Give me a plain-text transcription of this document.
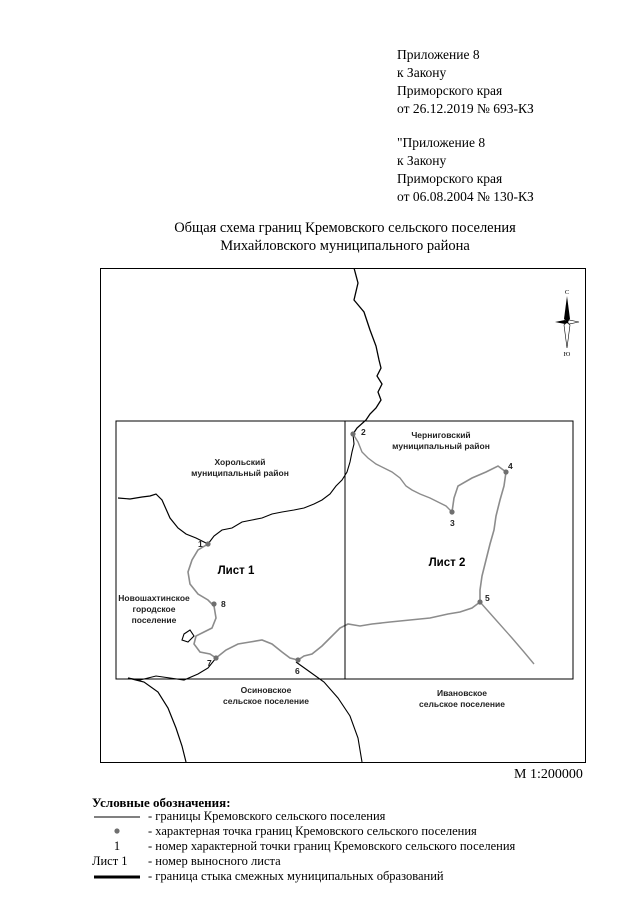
Приложение 8
к Закону
Приморского края
от 26.12.2019 № 693-КЗ
"Приложение 8
к Закону
Приморского края
от 06.08.2004 № 130-КЗ
Общая схема границ Кремовского сельского поселения
Михайловского муниципального района
1
2
3
4
5
6
7
8
Хорольский
муниципальный район
Черниговский
муниципальный район
Новошахтинское
городское
поселение
Осиновское
сельское поселение
Ивановское
сельское поселение
Лист 1
Лист 2
С
Ю
М 1:200000
Условные обозначения:
- границы Кремовского сельского поселения
- характерная точка границ Кремовского сельского поселения
1	- номер характерной точки границ Кремовского сельского поселения
Лист 1 - номер выносного листа
- граница стыка смежных муниципальных образований
